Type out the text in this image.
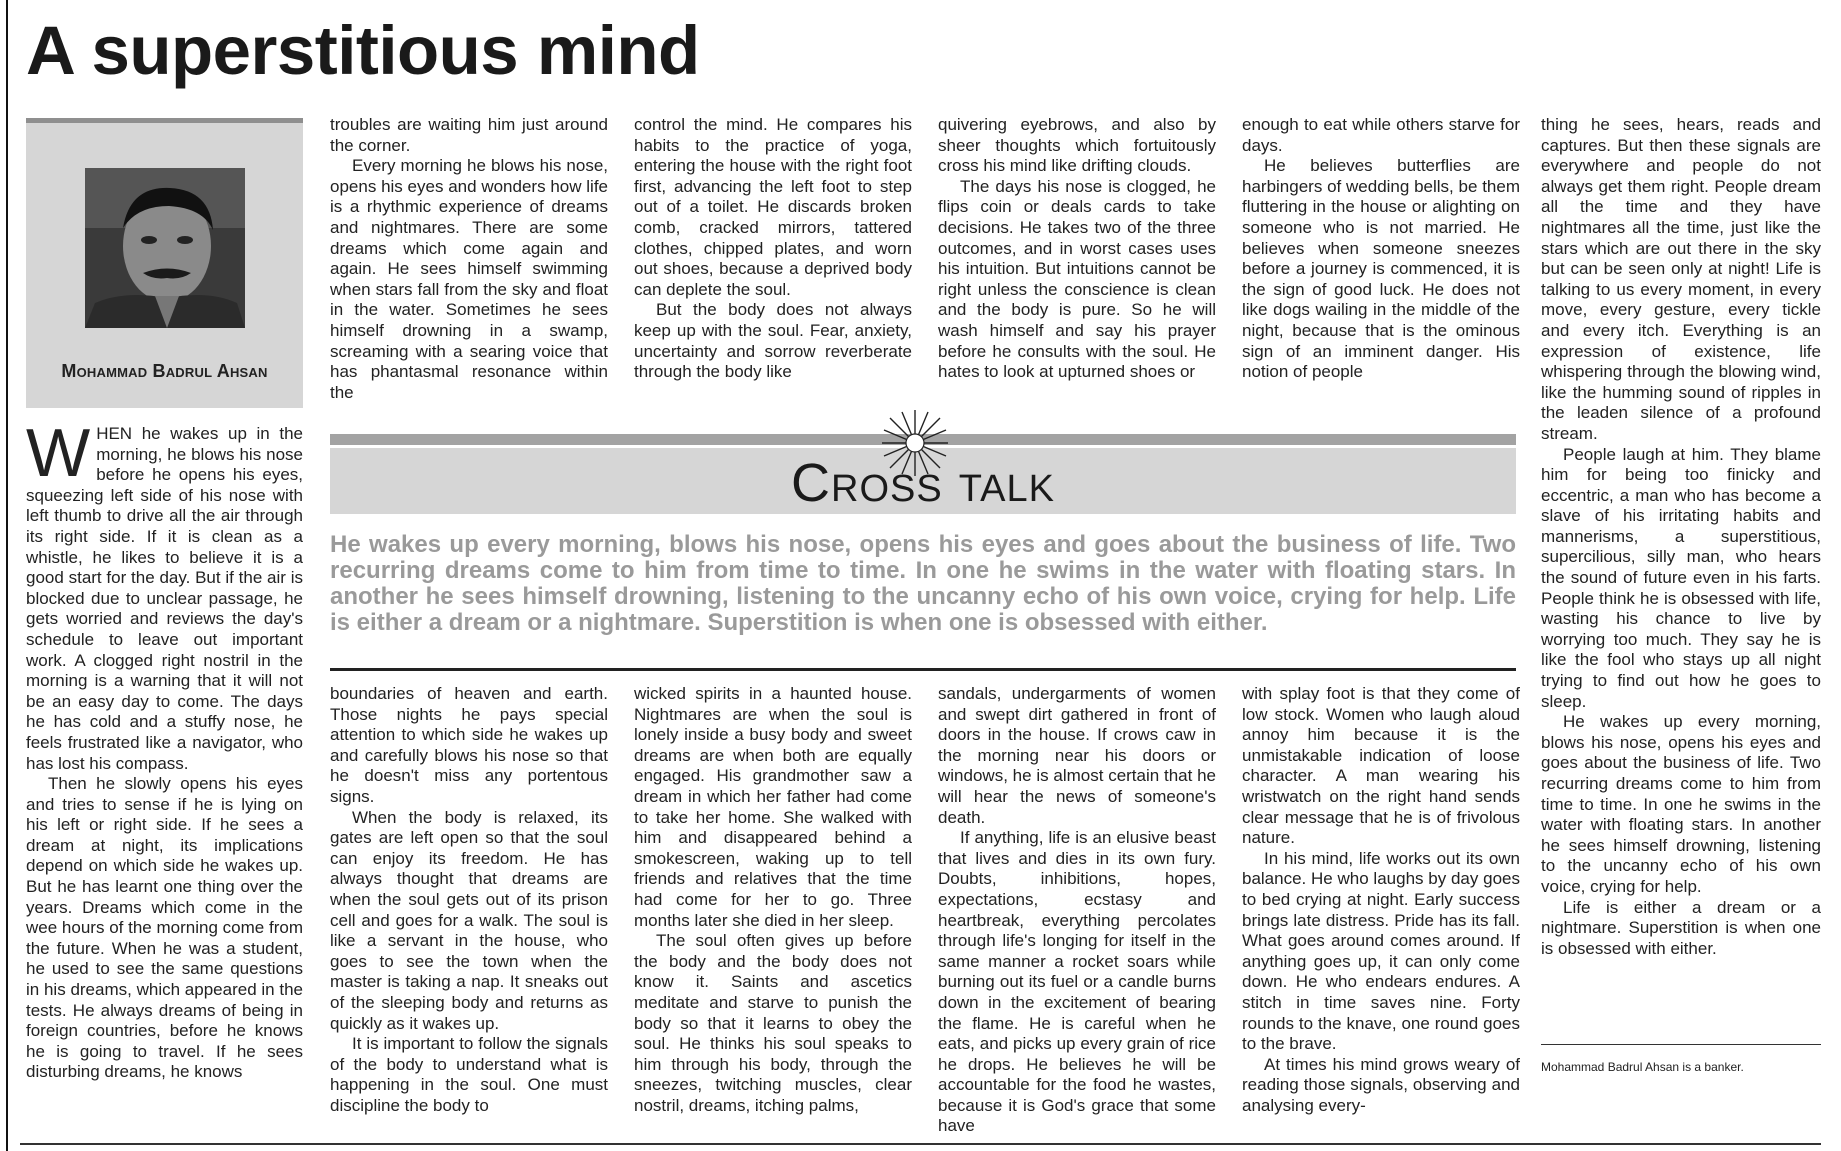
A superstitious mind
Mohammad Badrul Ahsan

WHEN he wakes up in the morning, he blows his nose before he opens his eyes, squeezing left side of his nose with left thumb to drive all the air through its right side. If it is clean as a whistle, he likes to believe it is a good start for the day. But if the air is blocked due to unclear passage, he gets worried and reviews the day's schedule to leave out important work. A clogged right nostril in the morning is a warning that it will not be an easy day to come. The days he has cold and a stuffy nose, he feels frustrated like a navigator, who has lost his compass.

Then he slowly opens his eyes and tries to sense if he is lying on his left or right side. If he sees a dream at night, its implications depend on which side he wakes up. But he has learnt one thing over the years. Dreams which come in the wee hours of the morning come from the future. When he was a student, he used to see the same questions in his dreams, which appeared in the tests. He always dreams of being in foreign countries, before he knows he is going to travel. If he sees disturbing dreams, he knows

troubles are waiting him just around the corner.

Every morning he blows his nose, opens his eyes and wonders how life is a rhythmic experience of dreams and nightmares. There are some dreams which come again and again. He sees himself swimming when stars fall from the sky and float in the water. Sometimes he sees himself drowning in a swamp, screaming with a searing voice that has phantasmal resonance within the

control the mind. He compares his habits to the practice of yoga, entering the house with the right foot first, advancing the left foot to step out of a toilet. He discards broken comb, cracked mirrors, tattered clothes, chipped plates, and worn out shoes, because a deprived body can deplete the soul.

But the body does not always keep up with the soul. Fear, anxiety, uncertainty and sorrow reverberate through the body like

quivering eyebrows, and also by sheer thoughts which fortuitously cross his mind like drifting clouds.

The days his nose is clogged, he flips coin or deals cards to take decisions. He takes two of the three outcomes, and in worst cases uses his intuition. But intuitions cannot be right unless the conscience is clean and the body is pure. So he will wash himself and say his prayer before he consults with the soul. He hates to look at upturned shoes or

enough to eat while others starve for days.

He believes butterflies are harbingers of wedding bells, be them fluttering in the house or alighting on someone who is not married. He believes when someone sneezes before a journey is commenced, it is the sign of good luck. He does not like dogs wailing in the middle of the night, because that is the ominous sign of an imminent danger. His notion of people

Cross talk
He wakes up every morning, blows his nose, opens his eyes and goes about the business of life. Two recurring dreams come to him from time to time. In one he swims in the water with floating stars. In another he sees himself drowning, listening to the uncanny echo of his own voice, crying for help. Life is either a dream or a nightmare. Superstition is when one is obsessed with either.

boundaries of heaven and earth. Those nights he pays special attention to which side he wakes up and carefully blows his nose so that he doesn't miss any portentous signs.

When the body is relaxed, its gates are left open so that the soul can enjoy its freedom. He has always thought that dreams are when the soul gets out of its prison cell and goes for a walk. The soul is like a servant in the house, who goes to see the town when the master is taking a nap. It sneaks out of the sleeping body and returns as quickly as it wakes up.

It is important to follow the signals of the body to understand what is happening in the soul. One must discipline the body to

wicked spirits in a haunted house. Nightmares are when the soul is lonely inside a busy body and sweet dreams are when both are equally engaged. His grandmother saw a dream in which her father had come to take her home. She walked with him and disappeared behind a smokescreen, waking up to tell friends and relatives that the time had come for her to go. Three months later she died in her sleep.

The soul often gives up before the body and the body does not know it. Saints and ascetics meditate and starve to punish the body so that it learns to obey the soul. He thinks his soul speaks to him through his body, through the sneezes, twitching muscles, clear nostril, dreams, itching palms,

sandals, undergarments of women and swept dirt gathered in front of doors in the house. If crows caw in the morning near his doors or windows, he is almost certain that he will hear the news of someone's death.

If anything, life is an elusive beast that lives and dies in its own fury. Doubts, inhibitions, hopes, expectations, ecstasy and heartbreak, everything percolates through life's longing for itself in the same manner a rocket soars while burning out its fuel or a candle burns down in the excitement of bearing the flame. He is careful when he eats, and picks up every grain of rice he drops. He believes he will be accountable for the food he wastes, because it is God's grace that some have

with splay foot is that they come of low stock. Women who laugh aloud annoy him because it is the unmistakable indication of loose character. A man wearing his wristwatch on the right hand sends clear message that he is of frivolous nature.

In his mind, life works out its own balance. He who laughs by day goes to bed crying at night. Early success brings late distress. Pride has its fall. What goes around comes around. If anything goes up, it can only come down. He who endears endures. A stitch in time saves nine. Forty rounds to the knave, one round goes to the brave.

At times his mind grows weary of reading those signals, observing and analysing every-

thing he sees, hears, reads and captures. But then these signals are everywhere and people do not always get them right. People dream all the time and they have nightmares all the time, just like the stars which are out there in the sky but can be seen only at night! Life is talking to us every moment, in every move, every gesture, every tickle and every itch. Everything is an expression of existence, life whispering through the blowing wind, like the humming sound of ripples in the leaden silence of a profound stream.

People laugh at him. They blame him for being too finicky and eccentric, a man who has become a slave of his irritating habits and mannerisms, a superstitious, supercilious, silly man, who hears the sound of future even in his farts. People think he is obsessed with life, wasting his chance to live by worrying too much. They say he is like the fool who stays up all night trying to find out how he goes to sleep.

He wakes up every morning, blows his nose, opens his eyes and goes about the business of life. Two recurring dreams come to him from time to time. In one he swims in the water with floating stars. In another he sees himself drowning, listening to the uncanny echo of his own voice, crying for help.

Life is either a dream or a nightmare. Superstition is when one is obsessed with either.

Mohammad Badrul Ahsan is a banker.
